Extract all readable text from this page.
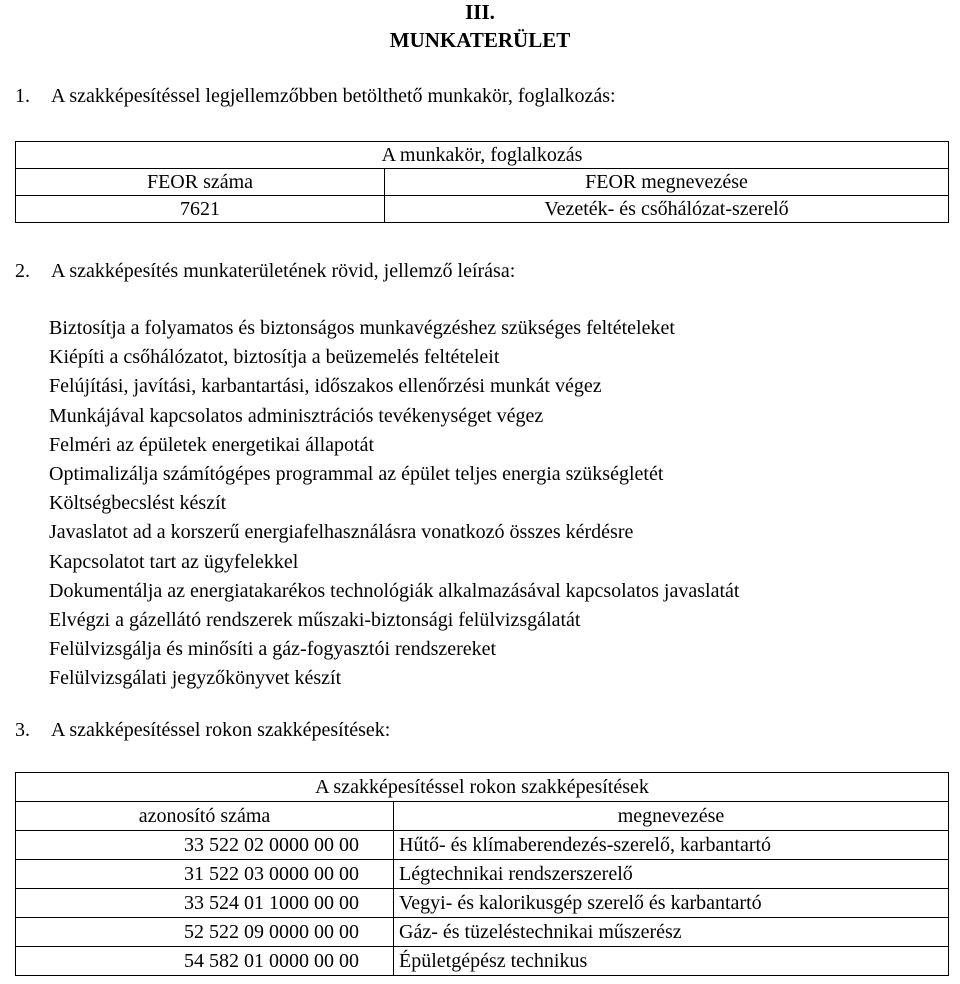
III.
MUNKATERÜLET
1. A szakképesítéssel legjellemzőbben betölthető munkakör, foglalkozás:
A munkakör, foglalkozás	
FEOR száma	FEOR megnevezése
7621	Vezeték- és csőhálózat-szerelő
2. A szakképesítés munkaterületének rövid, jellemző leírása:
Biztosítja a folyamatos és biztonságos munkavégzéshez szükséges feltételeket
Kiépíti a csőhálózatot, biztosítja a beüzemelés feltételeit
Felújítási, javítási, karbantartási, időszakos ellenőrzési munkát végez
Munkájával kapcsolatos adminisztrációs tevékenységet végez
Felméri az épületek energetikai állapotát
Optimalizálja számítógépes programmal az épület teljes energia szükségletét
Költségbecslést készít
Javaslatot ad a korszerű energiafelhasználásra vonatkozó összes kérdésre
Kapcsolatot tart az ügyfelekkel
Dokumentálja az energiatakarékos technológiák alkalmazásával kapcsolatos javaslatát
Elvégzi a gázellátó rendszerek műszaki-biztonsági felülvizsgálatát
Felülvizsgálja és minősíti a gáz-fogyasztói rendszereket
Felülvizsgálati jegyzőkönyvet készít
3. A szakképesítéssel rokon szakképesítések:
A szakképesítéssel rokon szakképesítések	
azonosító száma	megnevezése
33 522 02 0000 00 00	Hűtő- és klímaberendezés-szerelő, karbantartó
31 522 03 0000 00 00	Légtechnikai rendszerszerelő
33 524 01 1000 00 00	Vegyi- és kalorikusgép szerelő és karbantartó
52 522 09 0000 00 00	Gáz- és tüzeléstechnikai műszerész
54 582 01 0000 00 00	Épületgépész technikus
